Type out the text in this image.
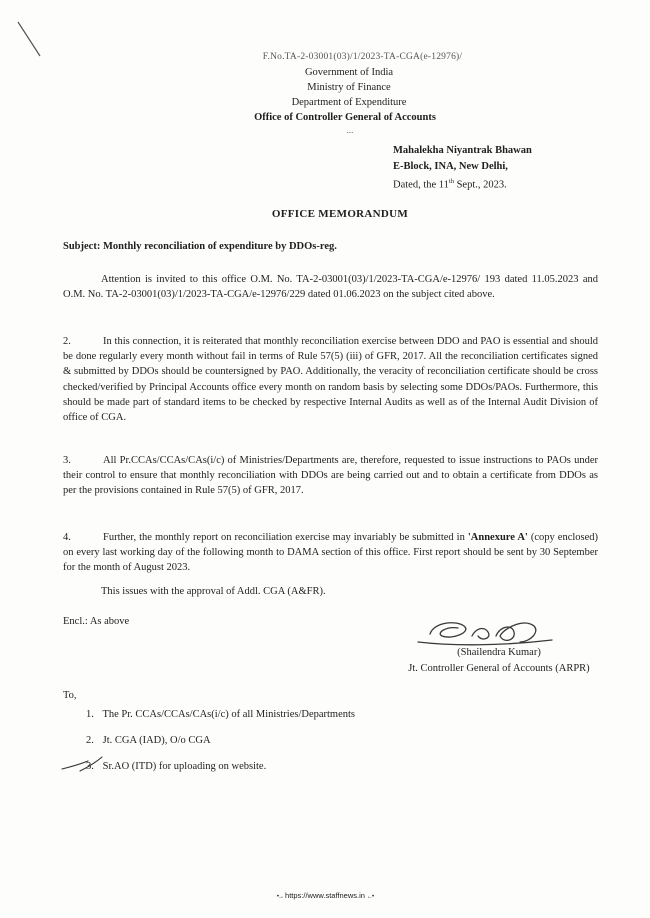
F.No.TA-2-03001(03)/1/2023-TA-CGA(e-12976)/
Government of India
Ministry of Finance
Department of Expenditure
Office of Controller General of Accounts
...
Mahalekha Niyantrak Bhawan
E-Block, INA, New Delhi,
Dated, the 11th Sept., 2023.
OFFICE MEMORANDUM
Subject: Monthly reconciliation of expenditure by DDOs-reg.
Attention is invited to this office O.M. No. TA-2-03001(03)/1/2023-TA-CGA/e-12976/ 193 dated 11.05.2023 and O.M. No. TA-2-03001(03)/1/2023-TA-CGA/e-12976/229 dated 01.06.2023 on the subject cited above.
2.	In this connection, it is reiterated that monthly reconciliation exercise between DDO and PAO is essential and should be done regularly every month without fail in terms of Rule 57(5) (iii) of GFR, 2017. All the reconciliation certificates signed & submitted by DDOs should be countersigned by PAO. Additionally, the veracity of reconciliation certificate should be cross checked/verified by Principal Accounts office every month on random basis by selecting some DDOs/PAOs. Furthermore, this should be made part of standard items to be checked by respective Internal Audits as well as of the Internal Audit Division of office of CGA.
3.	All Pr.CCAs/CCAs/CAs(i/c) of Ministries/Departments are, therefore, requested to issue instructions to PAOs under their control to ensure that monthly reconciliation with DDOs are being carried out and to obtain a certificate from DDOs as per the provisions contained in Rule 57(5) of GFR, 2017.
4.	Further, the monthly report on reconciliation exercise may invariably be submitted in 'Annexure A' (copy enclosed) on every last working day of the following month to DAMA section of this office. First report should be sent by 30 September for the month of August 2023.
This issues with the approval of Addl. CGA (A&FR).
Encl.: As above
(Shailendra Kumar)
Jt. Controller General of Accounts (ARPR)
To,
1. The Pr. CCAs/CCAs/CAs(i/c) of all Ministries/Departments
2. Jt. CGA (IAD), O/o CGA
3. Sr.AO (ITD) for uploading on website.
•→ https://www.staffnews.in ←•
